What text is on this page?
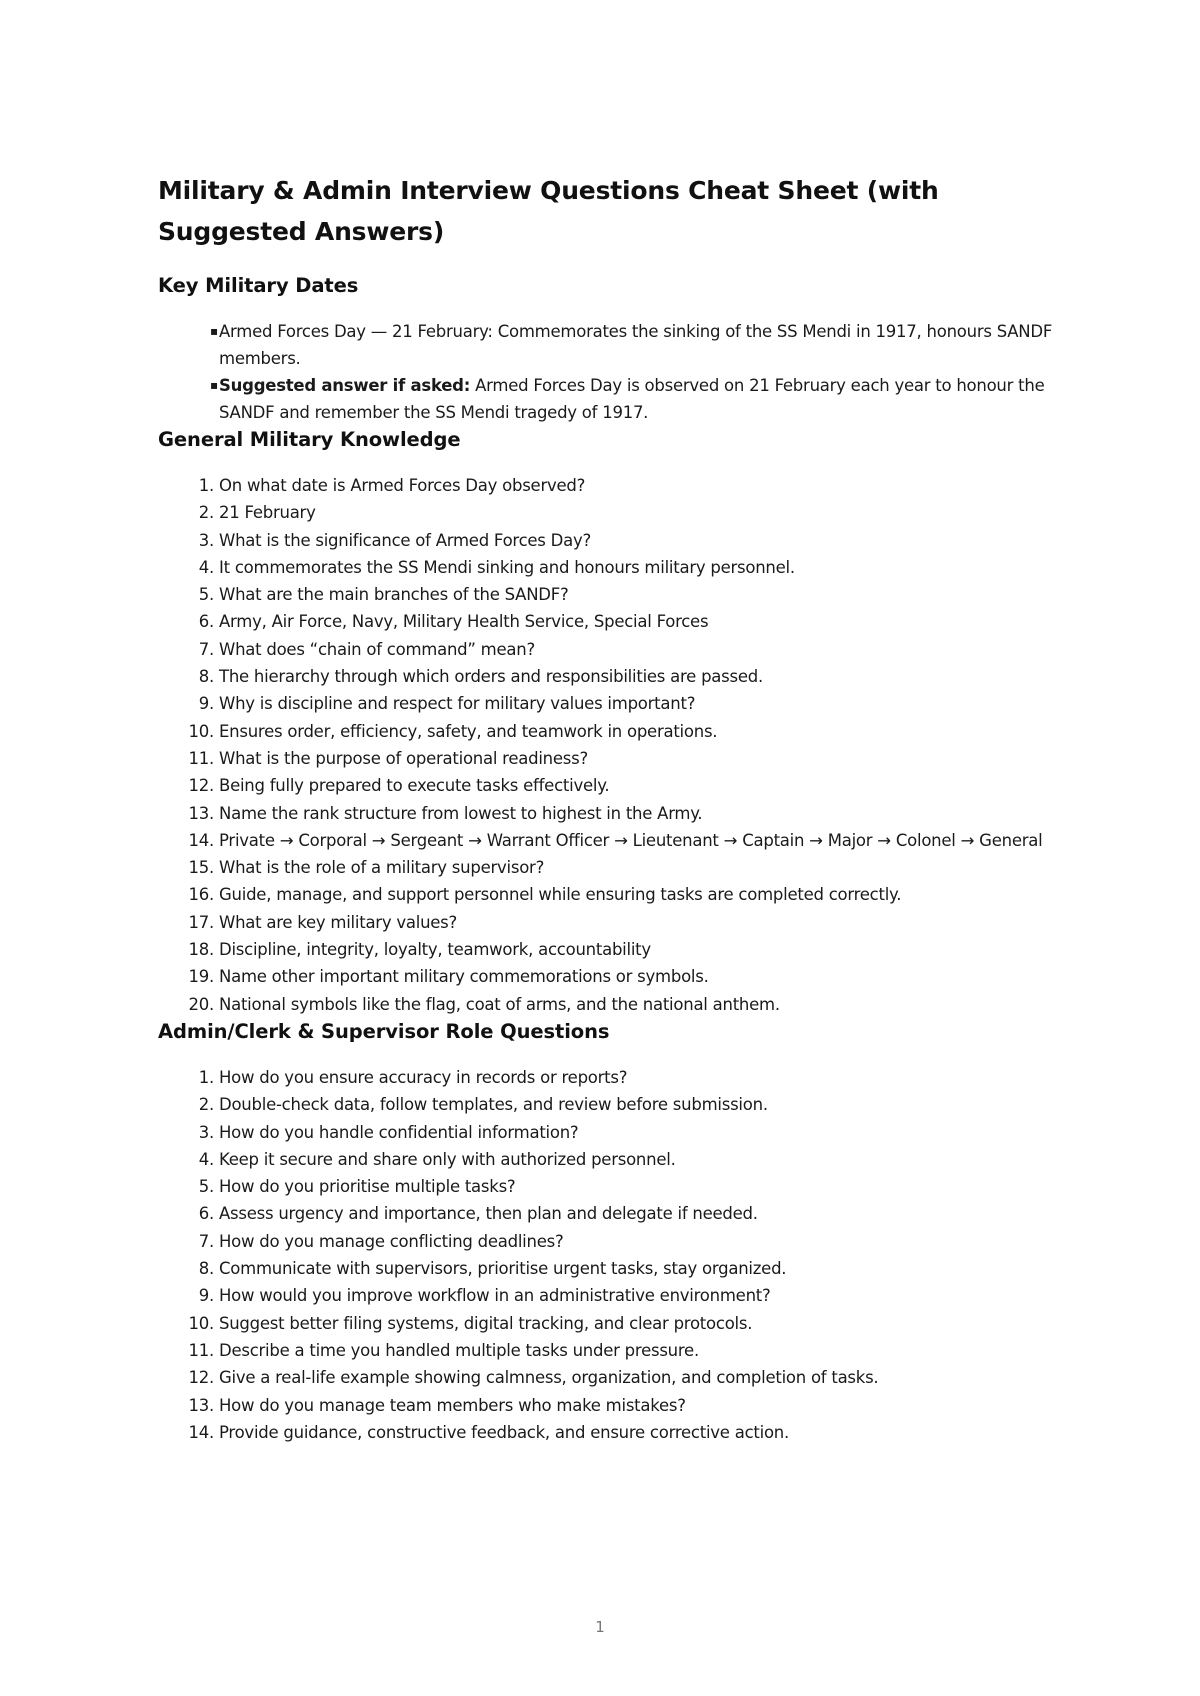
Military & Admin Interview Questions Cheat Sheet (with Suggested Answers)
Key Military Dates
▪ Armed Forces Day — 21 February: Commemorates the sinking of the SS Mendi in 1917, honours SANDF members.
▪ Suggested answer if asked: Armed Forces Day is observed on 21 February each year to honour the SANDF and remember the SS Mendi tragedy of 1917.
General Military Knowledge
1. On what date is Armed Forces Day observed?
2. 21 February
3. What is the significance of Armed Forces Day?
4. It commemorates the SS Mendi sinking and honours military personnel.
5. What are the main branches of the SANDF?
6. Army, Air Force, Navy, Military Health Service, Special Forces
7. What does “chain of command” mean?
8. The hierarchy through which orders and responsibilities are passed.
9. Why is discipline and respect for military values important?
10. Ensures order, efficiency, safety, and teamwork in operations.
11. What is the purpose of operational readiness?
12. Being fully prepared to execute tasks effectively.
13. Name the rank structure from lowest to highest in the Army.
14. Private → Corporal → Sergeant → Warrant Officer → Lieutenant → Captain → Major → Colonel → General
15. What is the role of a military supervisor?
16. Guide, manage, and support personnel while ensuring tasks are completed correctly.
17. What are key military values?
18. Discipline, integrity, loyalty, teamwork, accountability
19. Name other important military commemorations or symbols.
20. National symbols like the flag, coat of arms, and the national anthem.
Admin/Clerk & Supervisor Role Questions
1. How do you ensure accuracy in records or reports?
2. Double-check data, follow templates, and review before submission.
3. How do you handle confidential information?
4. Keep it secure and share only with authorized personnel.
5. How do you prioritise multiple tasks?
6. Assess urgency and importance, then plan and delegate if needed.
7. How do you manage conflicting deadlines?
8. Communicate with supervisors, prioritise urgent tasks, stay organized.
9. How would you improve workflow in an administrative environment?
10. Suggest better filing systems, digital tracking, and clear protocols.
11. Describe a time you handled multiple tasks under pressure.
12. Give a real-life example showing calmness, organization, and completion of tasks.
13. How do you manage team members who make mistakes?
14. Provide guidance, constructive feedback, and ensure corrective action.
1
